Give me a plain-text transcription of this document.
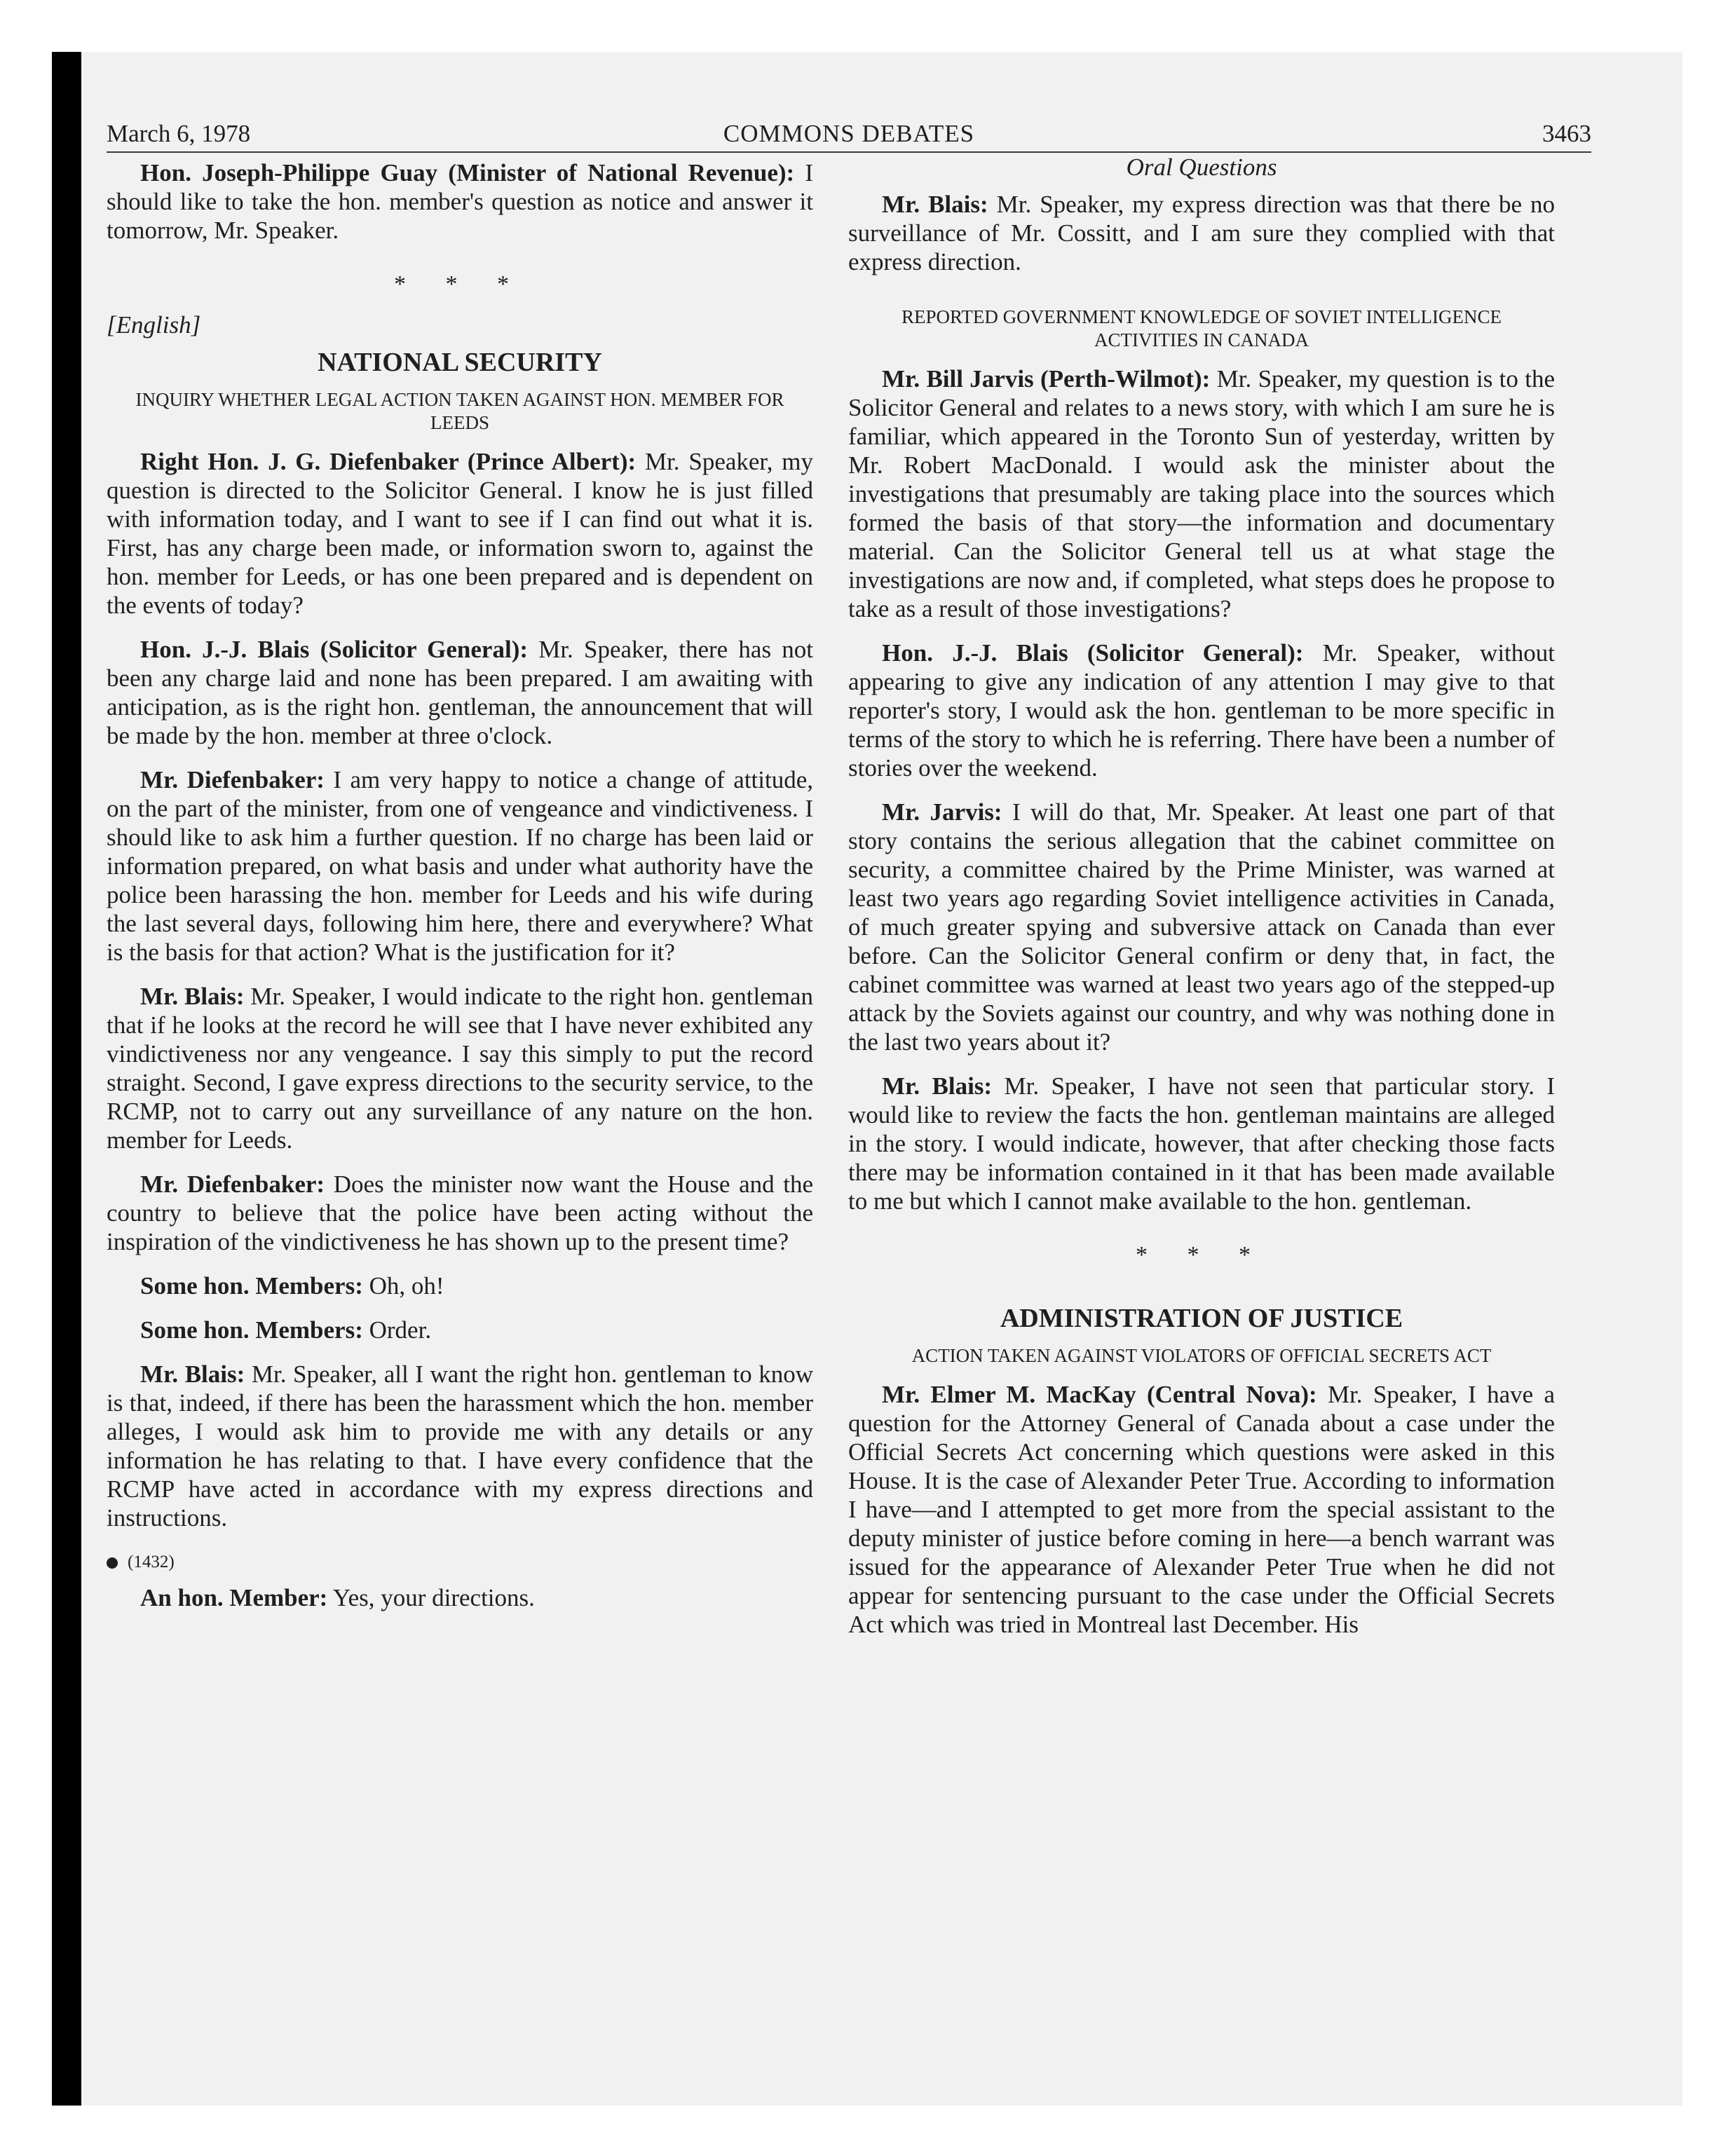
March 6, 1978	COMMONS DEBATES	3463

Hon. Joseph-Philippe Guay (Minister of National Revenue): I should like to take the hon. member's question as notice and answer it tomorrow, Mr. Speaker.

* * *
[English]
NATIONAL SECURITY
INQUIRY WHETHER LEGAL ACTION TAKEN AGAINST HON. MEMBER FOR LEEDS

Right Hon. J. G. Diefenbaker (Prince Albert): Mr. Speaker, my question is directed to the Solicitor General. I know he is just filled with information today, and I want to see if I can find out what it is. First, has any charge been made, or information sworn to, against the hon. member for Leeds, or has one been prepared and is dependent on the events of today?

Hon. J.-J. Blais (Solicitor General): Mr. Speaker, there has not been any charge laid and none has been prepared. I am awaiting with anticipation, as is the right hon. gentleman, the announcement that will be made by the hon. member at three o'clock.

Mr. Diefenbaker: I am very happy to notice a change of attitude, on the part of the minister, from one of vengeance and vindictiveness. I should like to ask him a further question. If no charge has been laid or information prepared, on what basis and under what authority have the police been harassing the hon. member for Leeds and his wife during the last several days, following him here, there and everywhere? What is the basis for that action? What is the justification for it?

Mr. Blais: Mr. Speaker, I would indicate to the right hon. gentleman that if he looks at the record he will see that I have never exhibited any vindictiveness nor any vengeance. I say this simply to put the record straight. Second, I gave express directions to the security service, to the RCMP, not to carry out any surveillance of any nature on the hon. member for Leeds.

Mr. Diefenbaker: Does the minister now want the House and the country to believe that the police have been acting without the inspiration of the vindictiveness he has shown up to the present time?

Some hon. Members: Oh, oh!

Some hon. Members: Order.

Mr. Blais: Mr. Speaker, all I want the right hon. gentleman to know is that, indeed, if there has been the harassment which the hon. member alleges, I would ask him to provide me with any details or any information he has relating to that. I have every confidence that the RCMP have acted in accordance with my express directions and instructions.

(1432)

An hon. Member: Yes, your directions.

Oral Questions

Mr. Blais: Mr. Speaker, my express direction was that there be no surveillance of Mr. Cossitt, and I am sure they complied with that express direction.

REPORTED GOVERNMENT KNOWLEDGE OF SOVIET INTELLIGENCE ACTIVITIES IN CANADA

Mr. Bill Jarvis (Perth-Wilmot): Mr. Speaker, my question is to the Solicitor General and relates to a news story, with which I am sure he is familiar, which appeared in the Toronto Sun of yesterday, written by Mr. Robert MacDonald. I would ask the minister about the investigations that presumably are taking place into the sources which formed the basis of that story—the information and documentary material. Can the Solicitor General tell us at what stage the investigations are now and, if completed, what steps does he propose to take as a result of those investigations?

Hon. J.-J. Blais (Solicitor General): Mr. Speaker, without appearing to give any indication of any attention I may give to that reporter's story, I would ask the hon. gentleman to be more specific in terms of the story to which he is referring. There have been a number of stories over the weekend.

Mr. Jarvis: I will do that, Mr. Speaker. At least one part of that story contains the serious allegation that the cabinet committee on security, a committee chaired by the Prime Minister, was warned at least two years ago regarding Soviet intelligence activities in Canada, of much greater spying and subversive attack on Canada than ever before. Can the Solicitor General confirm or deny that, in fact, the cabinet committee was warned at least two years ago of the stepped-up attack by the Soviets against our country, and why was nothing done in the last two years about it?

Mr. Blais: Mr. Speaker, I have not seen that particular story. I would like to review the facts the hon. gentleman maintains are alleged in the story. I would indicate, however, that after checking those facts there may be information contained in it that has been made available to me but which I cannot make available to the hon. gentleman.

* * *
ADMINISTRATION OF JUSTICE
ACTION TAKEN AGAINST VIOLATORS OF OFFICIAL SECRETS ACT

Mr. Elmer M. MacKay (Central Nova): Mr. Speaker, I have a question for the Attorney General of Canada about a case under the Official Secrets Act concerning which questions were asked in this House. It is the case of Alexander Peter True. According to information I have—and I attempted to get more from the special assistant to the deputy minister of justice before coming in here—a bench warrant was issued for the appearance of Alexander Peter True when he did not appear for sentencing pursuant to the case under the Official Secrets Act which was tried in Montreal last December. His
